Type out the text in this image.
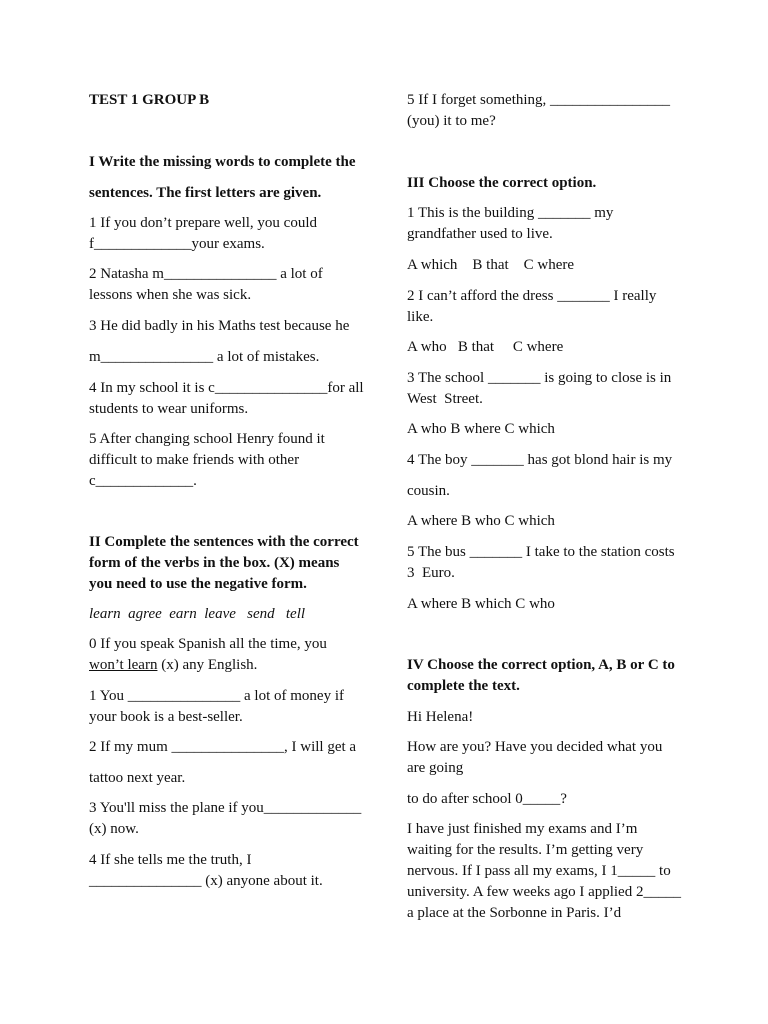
TEST 1 GROUP B

I Write the missing words to complete the

sentences. The first letters are given.

1 If you don’t prepare well, you could f_____________your exams.

2 Natasha m_______________ a lot of lessons when she was sick.

3 He did badly in his Maths test because he

m_______________ a lot of mistakes.

4 In my school it is c_______________for all students to wear uniforms.

5 After changing school Henry found it difficult to make friends with other c_____________.

II Complete the sentences with the correct form of the verbs in the box. (X) means you need to use the negative form.

learn  agree  earn  leave   send   tell

0 If you speak Spanish all the time, you won’t learn (x) any English.

1 You _______________ a lot of money if your book is a best-seller.

2 If my mum _______________, I will get a

tattoo next year.

3 You'll miss the plane if you_____________ (x) now.

4 If she tells me the truth, I _______________ (x) anyone about it.

5 If I forget something, ________________ (you) it to me?

III Choose the correct option.

1 This is the building _______ my grandfather used to live.

A which    B that    C where

2 I can’t afford the dress _______ I really like.

A who   B that     C where

3 The school _______ is going to close is in West  Street.

A who B where C which

4 The boy _______ has got blond hair is my

cousin.

A where B who C which

5 The bus _______ I take to the station costs 3  Euro.

A where B which C who

IV Choose the correct option, A, B or C to complete the text.

Hi Helena!

How are you? Have you decided what you are going

to do after school 0_____?

I have just finished my exams and I’m waiting for the results. I’m getting very nervous. If I pass all my exams, I 1_____ to university. A few weeks ago I applied 2_____ a place at the Sorbonne in Paris. I’d
